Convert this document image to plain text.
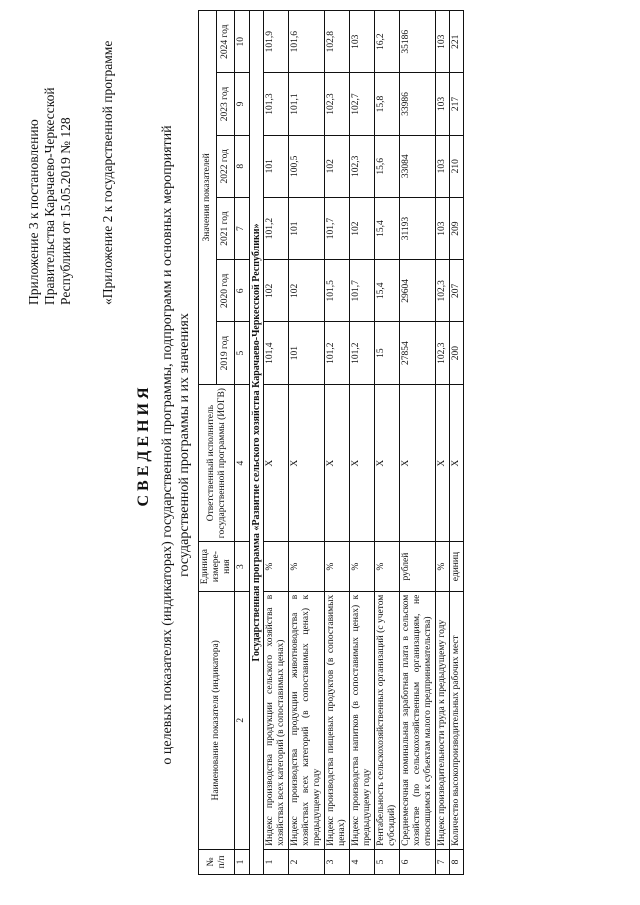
Приложение 3 к постановлению Правительства Карачаево-Черкесской Республики от 15.05.2019 № 128 «Приложение 2 к государственной программе
СВЕДЕНИЯ о целевых показателях (индикаторах) государственной программы, подпрограмм и основных мероприятий государственной программы и их значениях
№ п/п	Наименование показателя (индикатора)	Единица измере-ния	Ответственный исполнитель государственной программы (ИОГВ)	Значения показателей					
				2019 год	2020 год	2021 год	2022 год	2023 год	2024 год
1	2	3	4	5	6	7	8	9	10
Государственная программа «Развитие сельского хозяйства Карачаево-Черкесской Республики»									
1	Индекс производства продукции сельского хозяйства в хозяйствах всех категорий (в сопоставимых ценах)	%	Х	101,4	102	101,2	101	101,3	101,9
2	Индекс производства продукции животноводства в хозяйствах всех категорий (в сопоставимых ценах) к предыдущему году	%	Х	101	102	101	100,5	101,1	101,6
3	Индекс производства пищевых продуктов (в сопоставимых ценах)	%	Х	101,2	101,5	101,7	102	102,3	102,8
4	Индекс производства напитков (в сопоставимых ценах) к предыдущему году	%	Х	101,2	101,7	102	102,3	102,7	103
5	Рентабельность сельскохозяйственных организаций (с учетом субсидий)	%	Х	15	15,4	15,4	15,6	15,8	16,2
6	Среднемесячная номинальная заработная плата в сельском хозяйстве (по сельскохозяйственным организациям, не относящимся к субъектам малого предпринимательства)	рублей	Х	27854	29604	31193	33084	33986	35186
7	Индекс производительности труда к предыдущему году	%	Х	102,3	102,3	103	103	103	103
8	Количество высокопроизводительных рабочих мест	единиц	Х	200	207	209	210	217	221
